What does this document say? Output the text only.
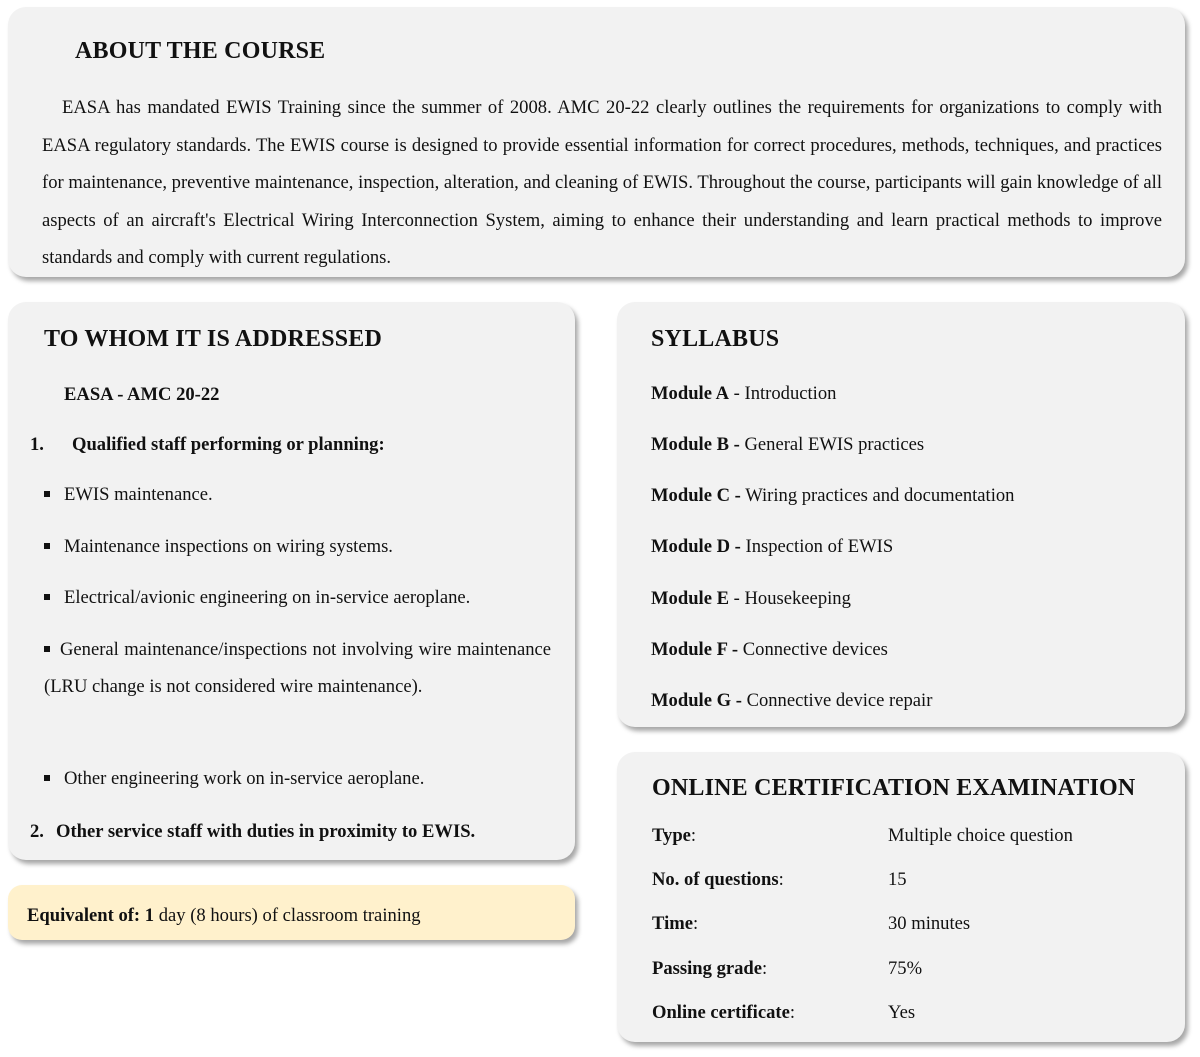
ABOUT THE COURSE

EASA has mandated EWIS Training since the summer of 2008. AMC 20-22 clearly outlines the requirements for organizations to comply with EASA regulatory standards. The EWIS course is designed to provide essential information for correct procedures, methods, techniques, and practices for maintenance, preventive maintenance, inspection, alteration, and cleaning of EWIS. Throughout the course, participants will gain knowledge of all aspects of an aircraft's Electrical Wiring Interconnection System, aiming to enhance their understanding and learn practical methods to improve standards and comply with current regulations.

TO WHOM IT IS ADDRESSED
EASA - AMC 20-22
1. Qualified staff performing or planning:
EWIS maintenance.
Maintenance inspections on wiring systems.
Electrical/avionic engineering on in-service aeroplane.
General maintenance/inspections not involving wire maintenance (LRU change is not considered wire maintenance).
Other engineering work on in-service aeroplane.
2. Other service staff with duties in proximity to EWIS.
Equivalent of: 1 day (8 hours) of classroom training
SYLLABUS
Module A - Introduction
Module B - General EWIS practices
Module C - Wiring practices and documentation
Module D - Inspection of EWIS
Module E - Housekeeping
Module F - Connective devices
Module G - Connective device repair
ONLINE CERTIFICATION EXAMINATION
Type:	Multiple choice question
No. of questions:	15
Time:	30 minutes
Passing grade:	75%
Online certificate:	Yes
